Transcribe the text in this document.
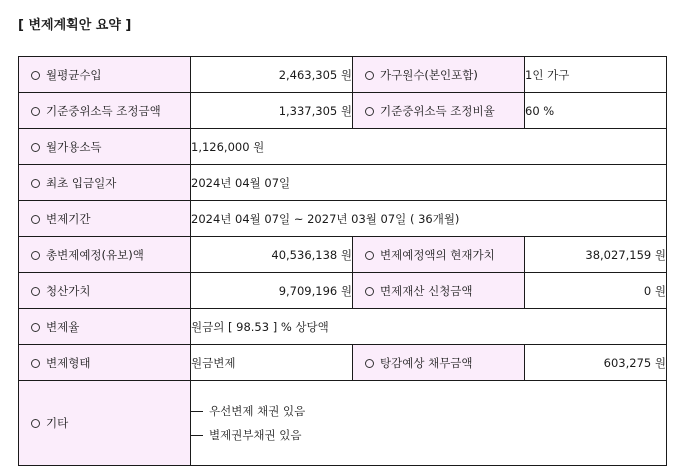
[ 변제계획안 요약 ]
월평균수입	2,463,305 원	가구원수(본인포함)	1인 가구

기준중위소득 조정금액	1,337,305 원	기준중위소득 조정비율	60 %

월가용소득	1,126,000 원		

최초 입금일자	2024년 04월 07일		

변제기간	2024년 04월 07일 ~ 2027년 03월 07일 ( 36개월)		

총변제예정(유보)액	40,536,138 원	변제예정액의 현재가치	38,027,159 원

청산가치	9,709,196 원	면제재산 신청금액	0 원

변제율	원금의 [ 98.53 ] % 상당액		

변제형태	원금변제	탕감예상 채무금액	603,275 원

기타	우선변제 채권 있음
별제권부채권 있음		
